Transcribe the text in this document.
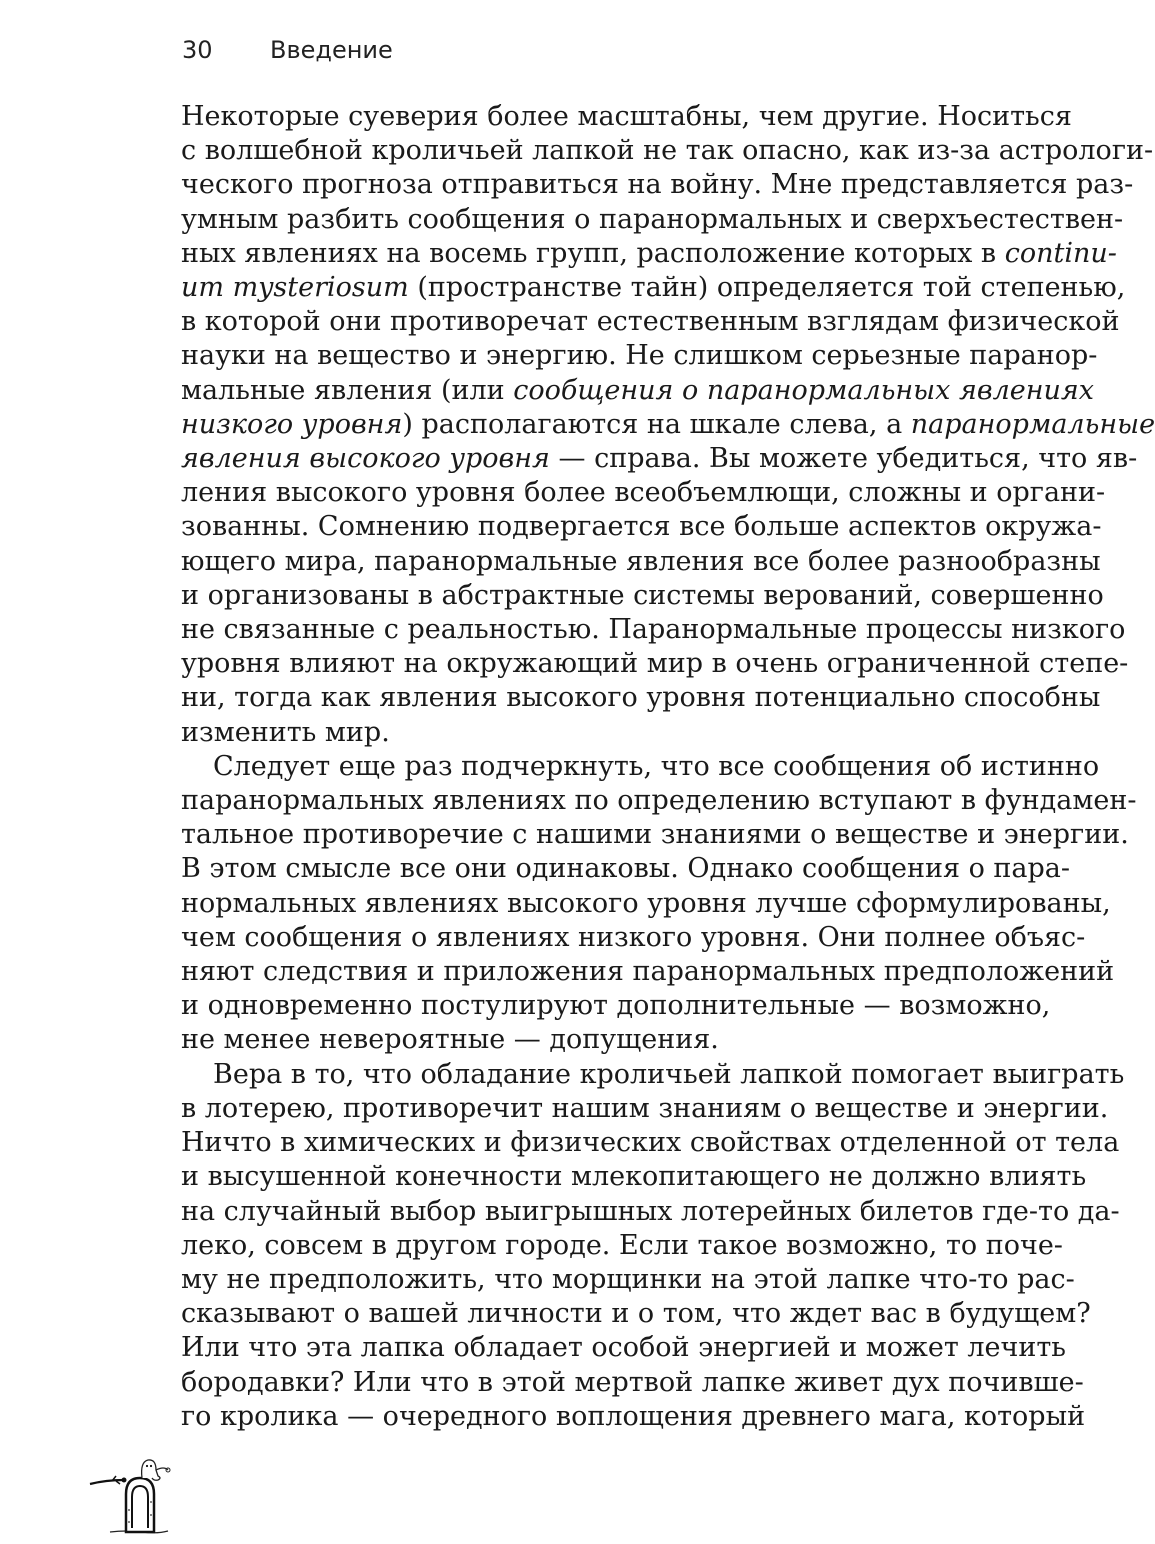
30 Введение
Некоторые суеверия более масштабны, чем другие. Носиться
с волшебной кроличьей лапкой не так опасно, как из-за астрологи-
ческого прогноза отправиться на войну. Мне представляется раз-
умным разбить сообщения о паранормальных и сверхъестествен-
ных явлениях на восемь групп, расположение которых в continu-
um mysteriosum (пространстве тайн) определяется той степенью,
в которой они противоречат естественным взглядам физической
науки на вещество и энергию. Не слишком серьезные паранор-
мальные явления (или сообщения о паранормальных явлениях
низкого уровня) располагаются на шкале слева, а паранормальные
явления высокого уровня — справа. Вы можете убедиться, что яв-
ления высокого уровня более всеобъемлющи, сложны и органи-
зованны. Сомнению подвергается все больше аспектов окружа-
ющего мира, паранормальные явления все более разнообразны
и организованы в абстрактные системы верований, совершенно
не связанные с реальностью. Паранормальные процессы низкого
уровня влияют на окружающий мир в очень ограниченной степе-
ни, тогда как явления высокого уровня потенциально способны
изменить мир.
Следует еще раз подчеркнуть, что все сообщения об истинно
паранормальных явлениях по определению вступают в фундамен-
тальное противоречие с нашими знаниями о веществе и энергии.
В этом смысле все они одинаковы. Однако сообщения о пара-
нормальных явлениях высокого уровня лучше сформулированы,
чем сообщения о явлениях низкого уровня. Они полнее объяс-
няют следствия и приложения паранормальных предположений
и одновременно постулируют дополнительные — возможно,
не менее невероятные — допущения.
Вера в то, что обладание кроличьей лапкой помогает выиграть
в лотерею, противоречит нашим знаниям о веществе и энергии.
Ничто в химических и физических свойствах отделенной от тела
и высушенной конечности млекопитающего не должно влиять
на случайный выбор выигрышных лотерейных билетов где-то да-
леко, совсем в другом городе. Если такое возможно, то поче-
му не предположить, что морщинки на этой лапке что-то рас-
сказывают о вашей личности и о том, что ждет вас в будущем?
Или что эта лапка обладает особой энергией и может лечить
бородавки? Или что в этой мертвой лапке живет дух почивше-
го кролика — очередного воплощения древнего мага, который
